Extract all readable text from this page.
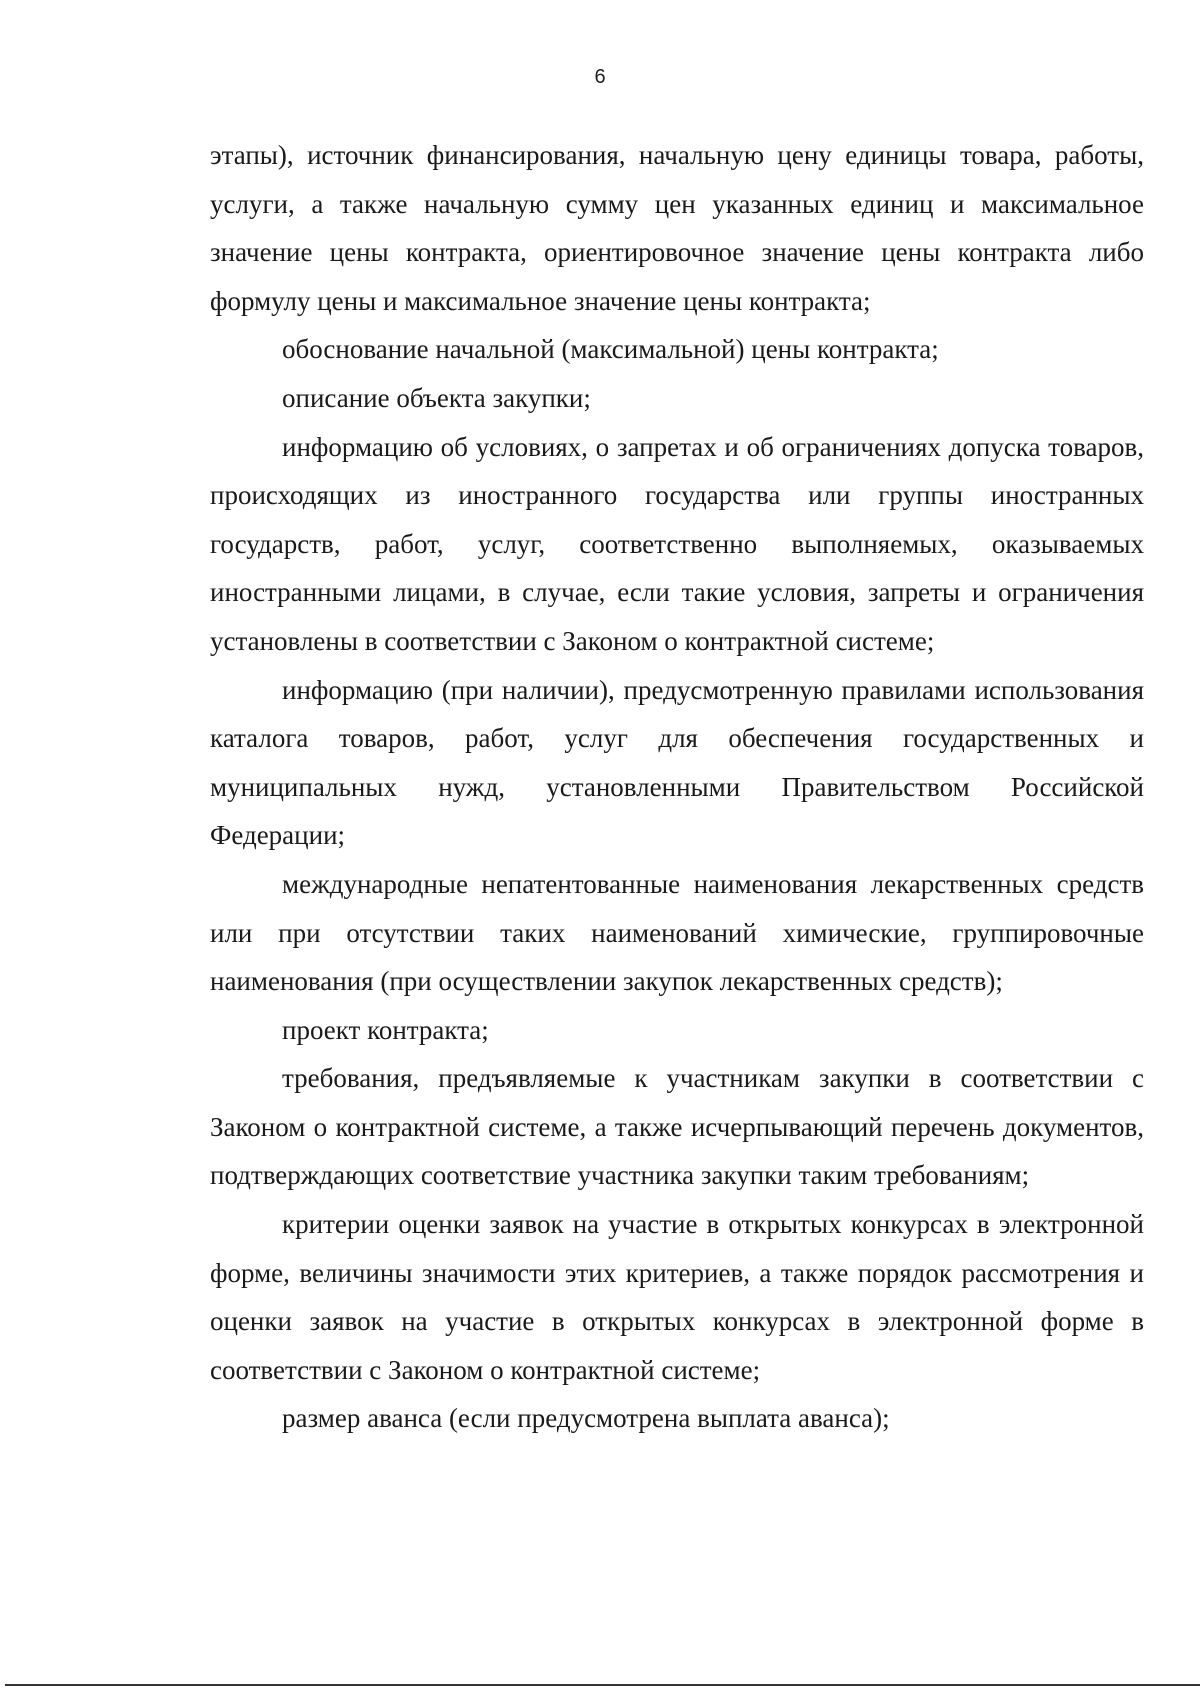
6

этапы), источник финансирования, начальную цену единицы товара, работы, услуги, а также начальную сумму цен указанных единиц и максимальное значение цены контракта, ориентировочное значение цены контракта либо формулу цены и максимальное значение цены контракта;

обоснование начальной (максимальной) цены контракта;

описание объекта закупки;

информацию об условиях, о запретах и об ограничениях допуска товаров, происходящих из иностранного государства или группы иностранных государств, работ, услуг, соответственно выполняемых, оказываемых иностранными лицами, в случае, если такие условия, запреты и ограничения установлены в соответствии с Законом о контрактной системе;

информацию (при наличии), предусмотренную правилами использования каталога товаров, работ, услуг для обеспечения государственных и муниципальных нужд, установленными Правительством Российской Федерации;

международные непатентованные наименования лекарственных средств или при отсутствии таких наименований химические, группировочные наименования (при осуществлении закупок лекарственных средств);

проект контракта;

требования, предъявляемые к участникам закупки в соответствии с Законом о контрактной системе, а также исчерпывающий перечень документов, подтверждающих соответствие участника закупки таким требованиям;

критерии оценки заявок на участие в открытых конкурсах в электронной форме, величины значимости этих критериев, а также порядок рассмотрения и оценки заявок на участие в открытых конкурсах в электронной форме в соответствии с Законом о контрактной системе;

размер аванса (если предусмотрена выплата аванса);
